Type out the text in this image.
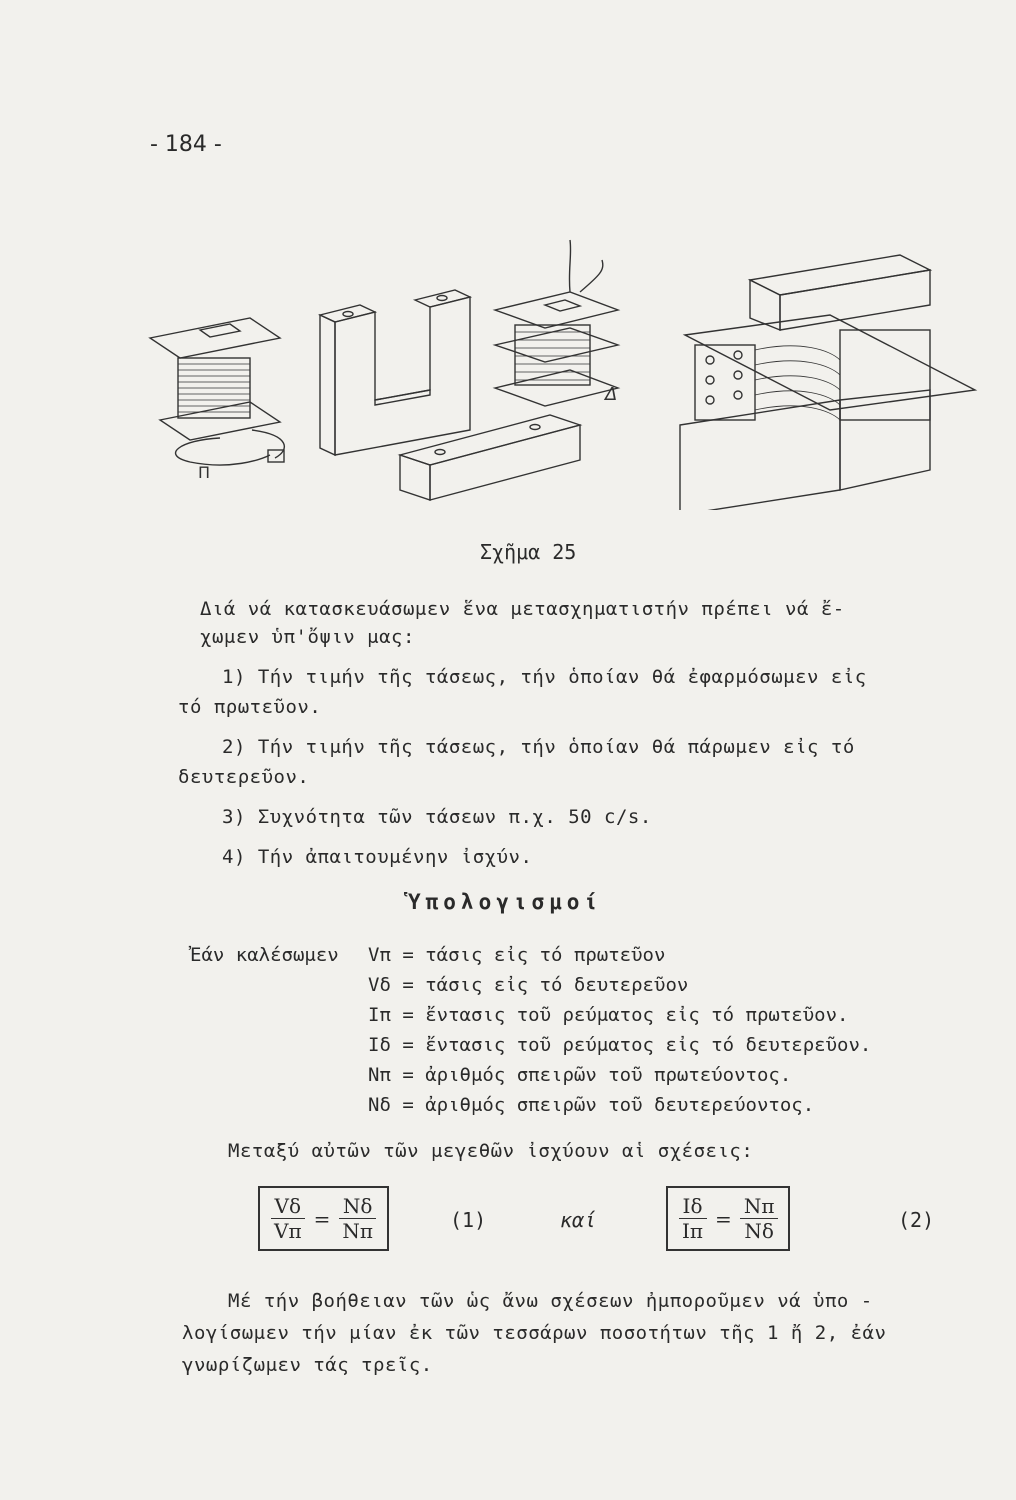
- 184 -
Π
Δ
Σχῆμα 25
Διά νά κατασκευάσωμεν ἕνα μετασχηματιστήν πρέπει νά ἔ-
χωμεν ὑπ'ὄψιν μας:
1) Τήν τιμήν τῆς τάσεως, τήν ὁποίαν θά ἐφαρμόσωμεν εἰς
τό πρωτεῦον.
2) Τήν τιμήν τῆς τάσεως, τήν ὁποίαν θά πάρωμεν εἰς τό
δευτερεῦον.
3) Συχνότητα τῶν τάσεων π.χ. 50 c/s.
4) Τήν ἀπαιτουμένην ἰσχύν.
Ὑπολογισμοί
Ἐάν καλέσωμεν Vπ = τάσις εἰς τό πρωτεῦον
Vδ = τάσις εἰς τό δευτερεῦον
Iπ = ἔντασις τοῦ ρεύματος εἰς τό πρωτεῦον.
Iδ = ἔντασις τοῦ ρεύματος εἰς τό δευτερεῦον.
Nπ = ἀριθμός σπειρῶν τοῦ πρωτεύοντος.
Nδ = ἀριθμός σπειρῶν τοῦ δευτερεύοντος.
Μεταξύ αὐτῶν τῶν μεγεθῶν ἰσχύουν αἱ σχέσεις:
$\frac{V\delta}{V\pi} = \frac{N\delta}{N\pi}$	(1)	καί	$\frac{I\delta}{I\pi} = \frac{N\pi}{N\delta}$	(2)
Μέ τήν βοήθειαν τῶν ὡς ἄνω σχέσεων ἠμποροῦμεν νά ὑπο -
λογίσωμεν τήν μίαν ἐκ τῶν τεσσάρων ποσοτήτων τῆς 1 ἤ 2, ἐάν
γνωρίζωμεν τάς τρεῖς.
